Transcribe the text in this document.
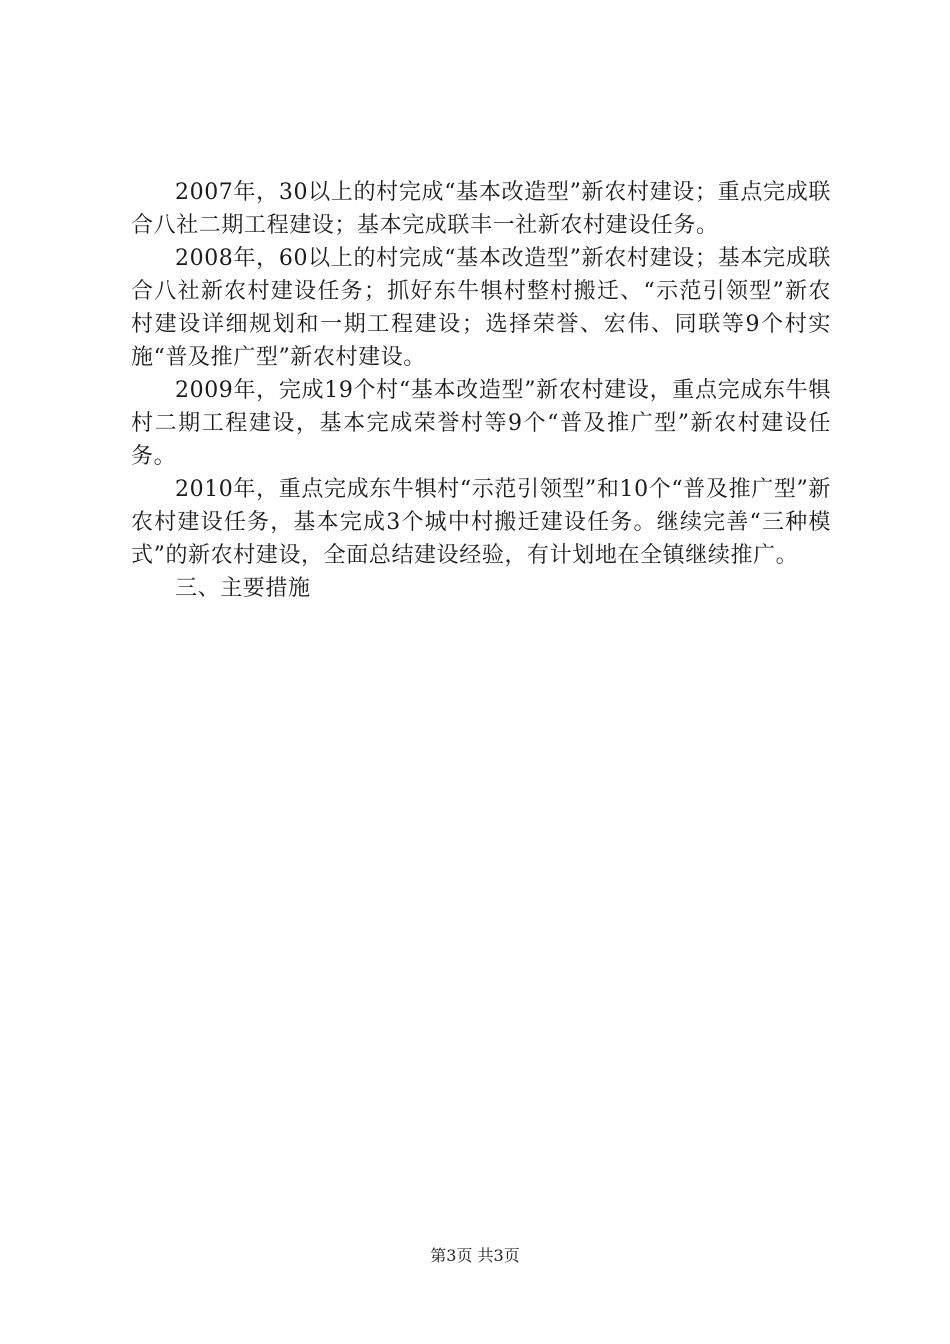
2007年，30以上的村完成“基本改造型”新农村建设；重点完成联合八社二期工程建设；基本完成联丰一社新农村建设任务。

2008年，60以上的村完成“基本改造型”新农村建设；基本完成联合八社新农村建设任务；抓好东牛犋村整村搬迁、“示范引领型”新农村建设详细规划和一期工程建设；选择荣誉、宏伟、同联等9个村实施“普及推广型”新农村建设。

2009年，完成19个村“基本改造型”新农村建设，重点完成东牛犋村二期工程建设，基本完成荣誉村等9个“普及推广型”新农村建设任务。

2010年，重点完成东牛犋村“示范引领型”和10个“普及推广型”新农村建设任务，基本完成3个城中村搬迁建设任务。继续完善“三种模式”的新农村建设，全面总结建设经验，有计划地在全镇继续推广。

三、主要措施

第3页 共3页
